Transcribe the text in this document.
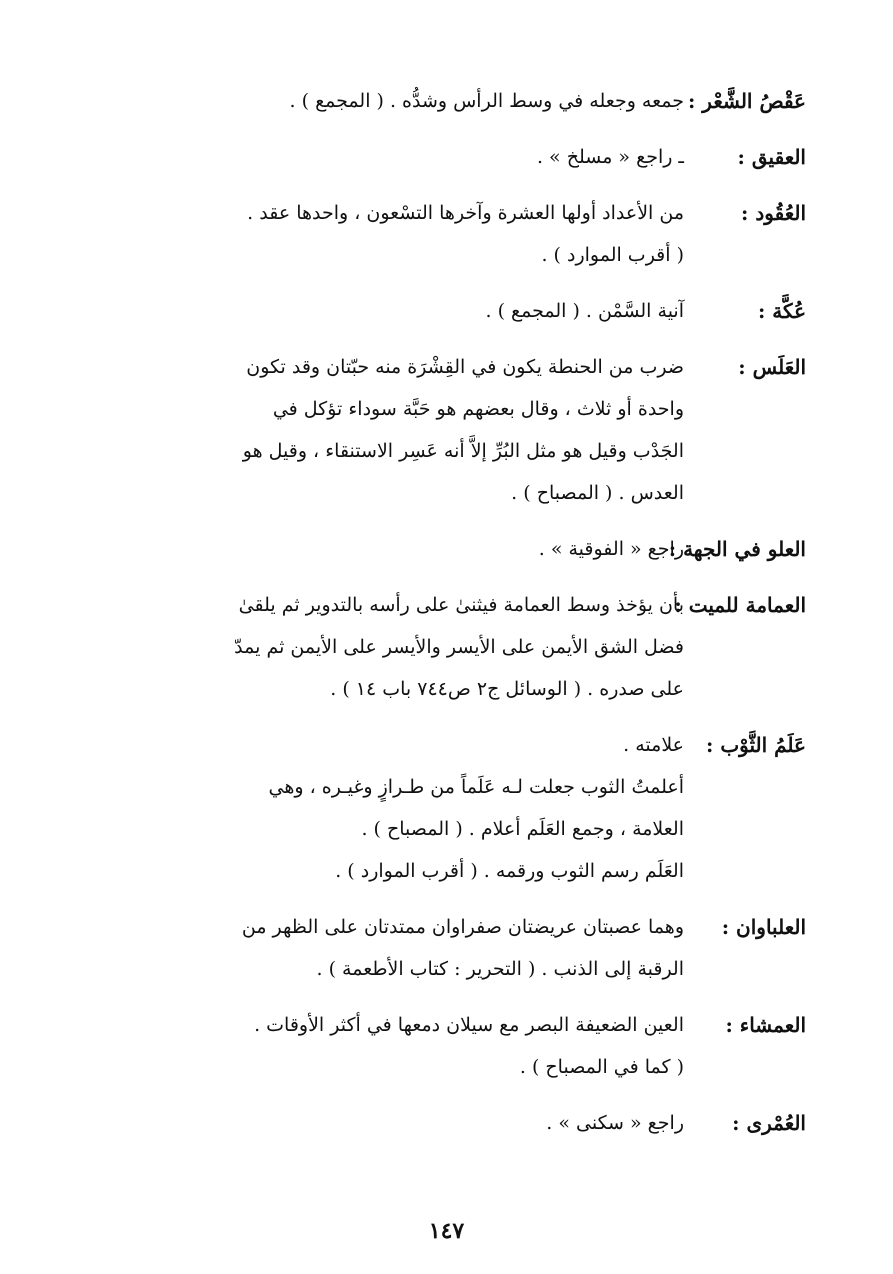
عَقْصُ الشَّعْر :
جمعه وجعله في وسط الرأس وشدُّه . ( المجمع ) .
العقيق :
ـ راجع « مسلخ » .
العُقُود :
من الأعداد أولها العشرة وآخرها التسْعون ، واحدها عقد .
( أقرب الموارد ) .
عُكَّة :
آنية السَّمْن . ( المجمع ) .
العَلَس :
ضرب من الحنطة يكون في القِشْرَة منه حبّتان وقد تكون
واحدة أو ثلاث ، وقال بعضهم هو حَبَّة سوداء تؤكل في
الجَدْب وقيل هو مثل البُرِّ إلاَّ أنه عَسِر الاستنقاء ، وقيل هو
العدس . ( المصباح ) .
العلو في الجهة :
راجع « الفوقية » .
العمامة للميت :
بأن يؤخذ وسط العمامة فيثنىٰ على رأسه بالتدوير ثم يلقىٰ
فضل الشق الأيمن على الأيسر والأيسر على الأيمن ثم يمدّ
على صدره . ( الوسائل ج٢ ص٧٤٤ باب ١٤ ) .
عَلَمُ الثَّوْب :
علامته .
أعلمتُ الثوب جعلت لـه عَلَماً من طـرازٍ وغيـره ، وهي
العلامة ، وجمع العَلَم أعلام . ( المصباح ) .
العَلَم رسم الثوب ورقمه . ( أقرب الموارد ) .
العلباوان :
وهما عصبتان عريضتان صفراوان ممتدتان على الظهر من
الرقبة إلى الذنب . ( التحرير : كتاب الأطعمة ) .
العمشاء :
العين الضعيفة البصر مع سيلان دمعها في أكثر الأوقات .
( كما في المصباح ) .
العُمْرى :
راجع « سكنى » .
١٤٧
